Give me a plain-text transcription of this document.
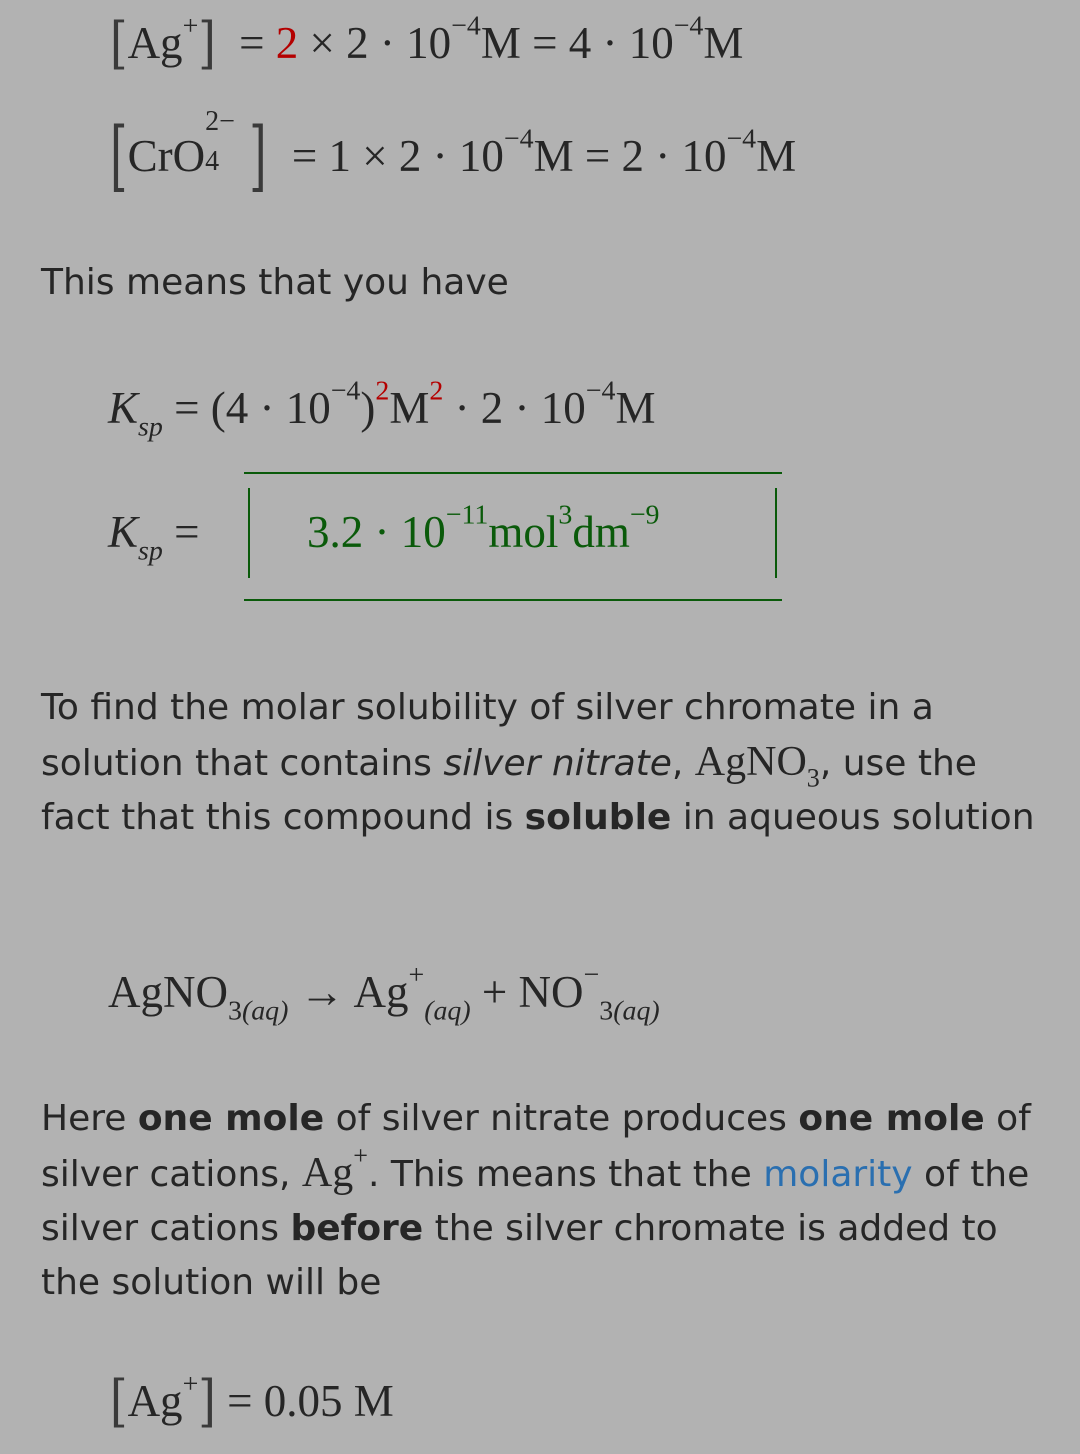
$[Ag^+] = 2 \times 2 \cdot 10^{-4}M = 4 \cdot 10^{-4}M$
[CrO
2−
4 ] = $1 \times 2 \cdot 10^{-4}M = 2 \cdot 10^{-4}M$
This means that you have
$K_{sp} = (4 \cdot 10^{-4})^2M^2 \cdot 2 \cdot 10^{-4}M$
$K_{sp} = 3.2 \cdot 10^{-11}mol^3dm^{-9}$
To find the molar solubility of silver chromate in a solution that contains silver nitrate, AgNO$_3$, use the fact that this compound is soluble in aqueous solution
AgNO$_{3(aq)}$ → $Ag^+_{(aq)} + NO^-_{3(aq)}$
Here one mole of silver nitrate produces one mole of silver cations, Ag+. This means that the molarity of the silver cations before the silver chromate is added to the solution will be
[Ag+] = 0.05 M
